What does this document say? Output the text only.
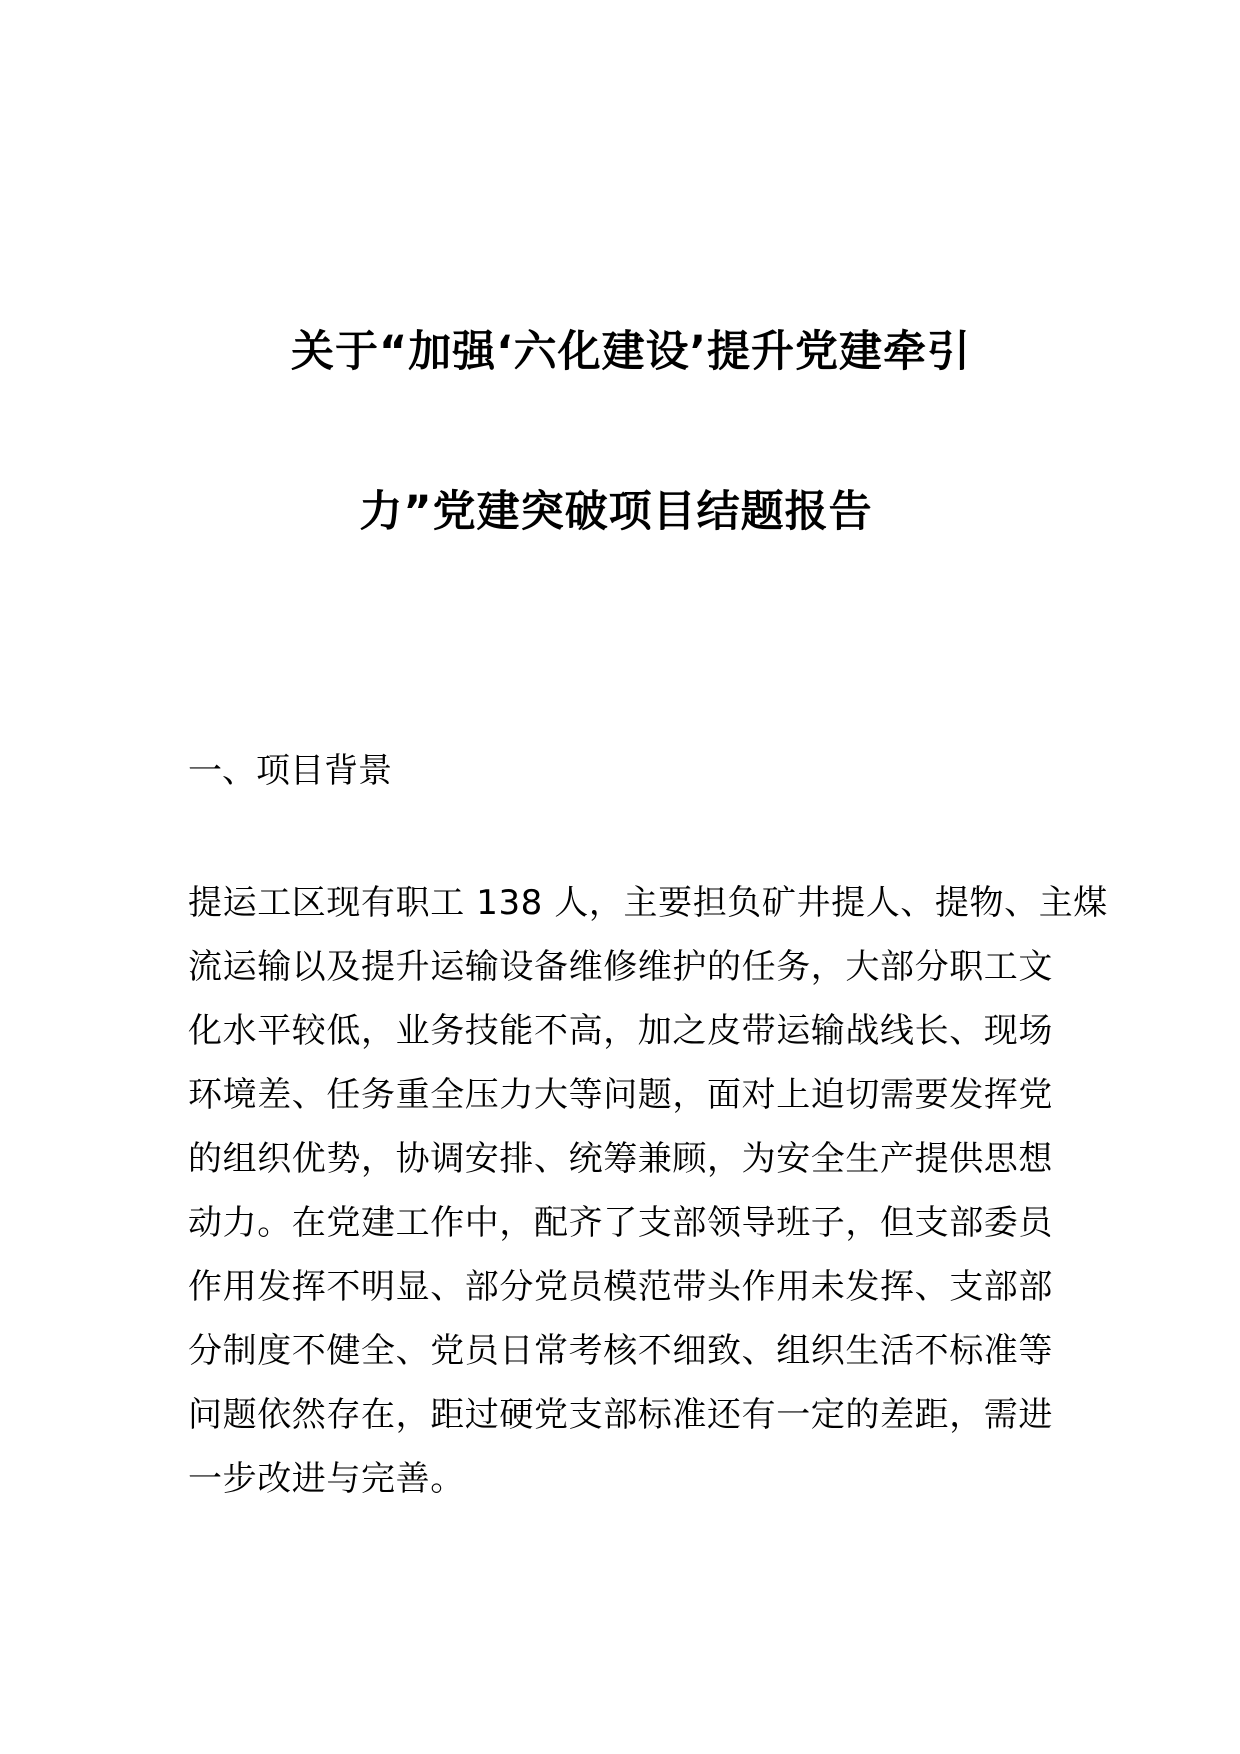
关于“加强‘六化建设’提升党建牵引
力”党建突破项目结题报告
一、项目背景
提运工区现有职工 138 人，主要担负矿井提人、提物、主煤
流运输以及提升运输设备维修维护的任务，大部分职工文
化水平较低，业务技能不高，加之皮带运输战线长、现场
环境差、任务重全压力大等问题，面对上迫切需要发挥党
的组织优势，协调安排、统筹兼顾，为安全生产提供思想
动力。在党建工作中，配齐了支部领导班子，但支部委员
作用发挥不明显、部分党员模范带头作用未发挥、支部部
分制度不健全、党员日常考核不细致、组织生活不标准等
问题依然存在，距过硬党支部标准还有一定的差距，需进
一步改进与完善。
